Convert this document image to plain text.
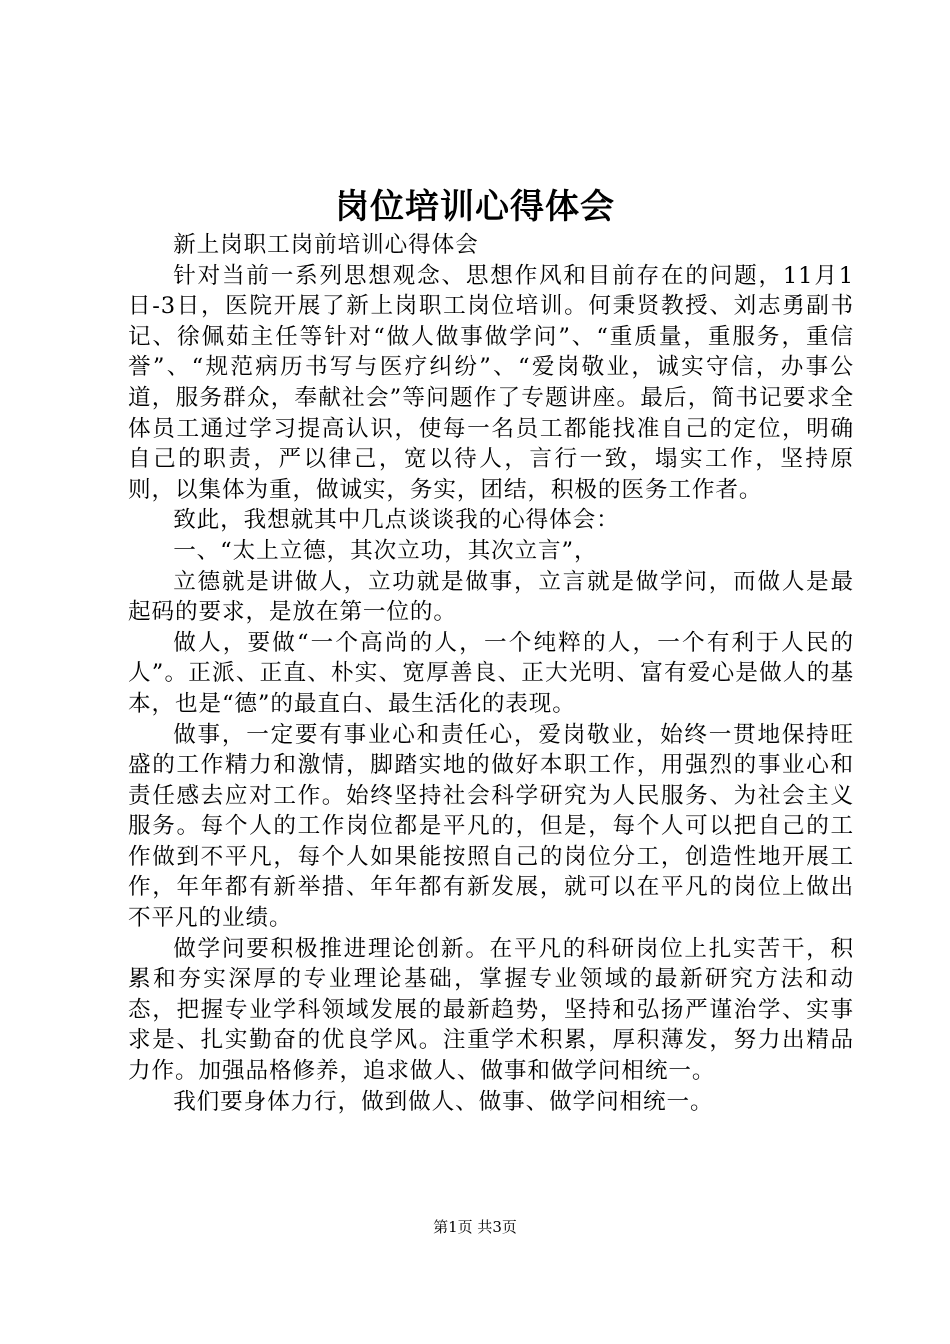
岗位培训心得体会

新上岗职工岗前培训心得体会

针对当前一系列思想观念、思想作风和目前存在的问题，11月1日-3日，医院开展了新上岗职工岗位培训。何秉贤教授、刘志勇副书记、徐佩茹主任等针对“做人做事做学问”、“重质量，重服务，重信誉”、“规范病历书写与医疗纠纷”、“爱岗敬业，诚实守信，办事公道，服务群众，奉献社会”等问题作了专题讲座。最后，简书记要求全体员工通过学习提高认识，使每一名员工都能找准自己的定位，明确自己的职责，严以律己，宽以待人，言行一致，塌实工作，坚持原则，以集体为重，做诚实，务实，团结，积极的医务工作者。

致此，我想就其中几点谈谈我的心得体会：

一、“太上立德，其次立功，其次立言”，

立德就是讲做人，立功就是做事，立言就是做学问，而做人是最起码的要求，是放在第一位的。

做人，要做“一个高尚的人，一个纯粹的人，一个有利于人民的人”。正派、正直、朴实、宽厚善良、正大光明、富有爱心是做人的基本，也是“德”的最直白、最生活化的表现。

做事，一定要有事业心和责任心，爱岗敬业，始终一贯地保持旺盛的工作精力和激情，脚踏实地的做好本职工作，用强烈的事业心和责任感去应对工作。始终坚持社会科学研究为人民服务、为社会主义服务。每个人的工作岗位都是平凡的，但是，每个人可以把自己的工作做到不平凡，每个人如果能按照自己的岗位分工，创造性地开展工作，年年都有新举措、年年都有新发展，就可以在平凡的岗位上做出不平凡的业绩。

做学问要积极推进理论创新。在平凡的科研岗位上扎实苦干，积累和夯实深厚的专业理论基础，掌握专业领域的最新研究方法和动态，把握专业学科领域发展的最新趋势，坚持和弘扬严谨治学、实事求是、扎实勤奋的优良学风。注重学术积累，厚积薄发，努力出精品力作。加强品格修养，追求做人、做事和做学问相统一。

我们要身体力行，做到做人、做事、做学问相统一。

第1页 共3页
